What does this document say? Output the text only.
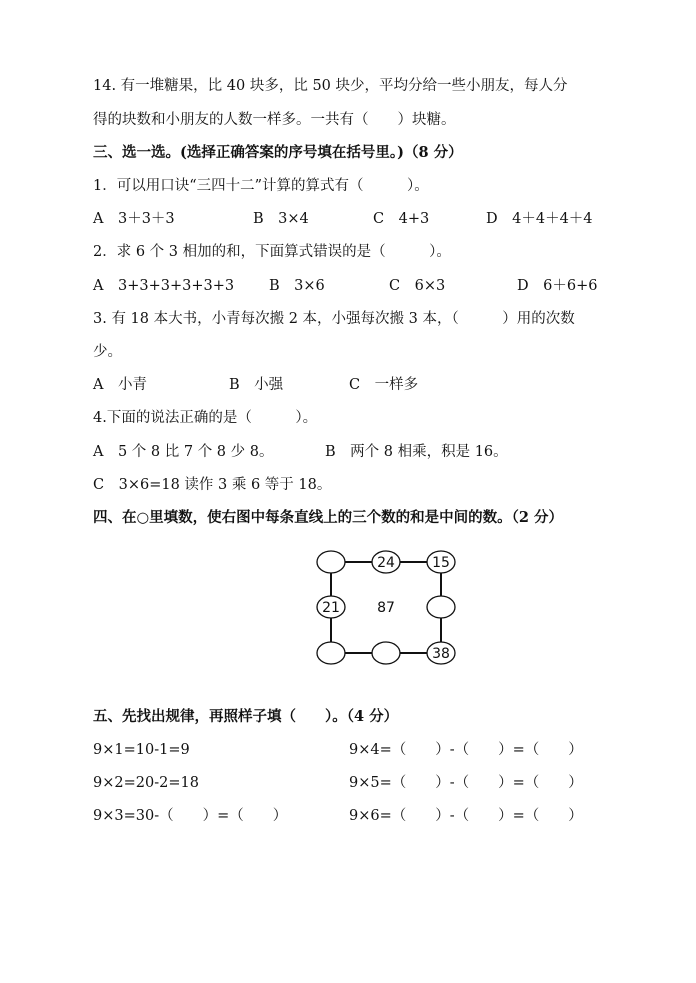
14. 有一堆糖果，比 40 块多，比 50 块少，平均分给一些小朋友，每人分
得的块数和小朋友的人数一样多。一共有（　　）块糖。
三、选一选。(选择正确答案的序号填在括号里。)（8 分）
1．可以用口诀“三四十二”计算的算式有（　　　）。
A　3＋3＋3	B　3×4	C　4+3	D　4＋4＋4＋4
2．求 6 个 3 相加的和，下面算式错误的是（　　　）。
A　3+3+3+3+3+3 B　3×6	C　6×3	D　6＋6+6
3. 有 18 本大书，小青每次搬 2 本，小强每次搬 3 本，（　　　）用的次数
少。
A　小青	B　小强	C　一样多
4.下面的说法正确的是（　　　）。
A　5 个 8 比 7 个 8 少 8。	B　两个 8 相乘，积是 16。
C　3×6=18 读作 3 乘 6 等于 18。
四、在○里填数，使右图中每条直线上的三个数的和是中间的数。（2 分）
24	15
21	87
38
五、先找出规律，再照样子填（　　）。（4 分）
9×1=10-1=9
9×2=20-2=18
9×3=30-（　　）=（　　）
9×4=（　　）-（　　）=（　　）
9×5=（　　）-（　　）=（　　）
9×6=（　　）-（　　）=（　　）
